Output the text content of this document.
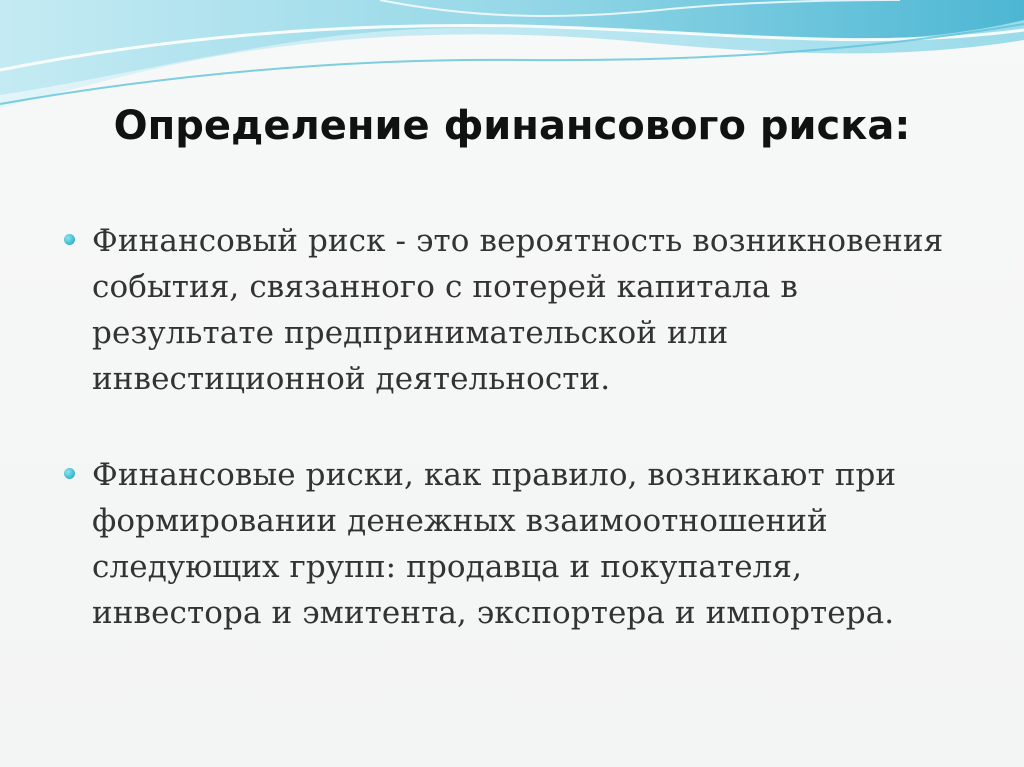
Определение финансового риска:
Финансовый риск - это вероятность возникновения
события, связанного с потерей капитала в
результате предпринимательской или
инвестиционной деятельности.
Финансовые риски, как правило, возникают при
формировании денежных взаимоотношений
следующих групп: продавца и покупателя,
инвестора и эмитента, экспортера и импортера.
